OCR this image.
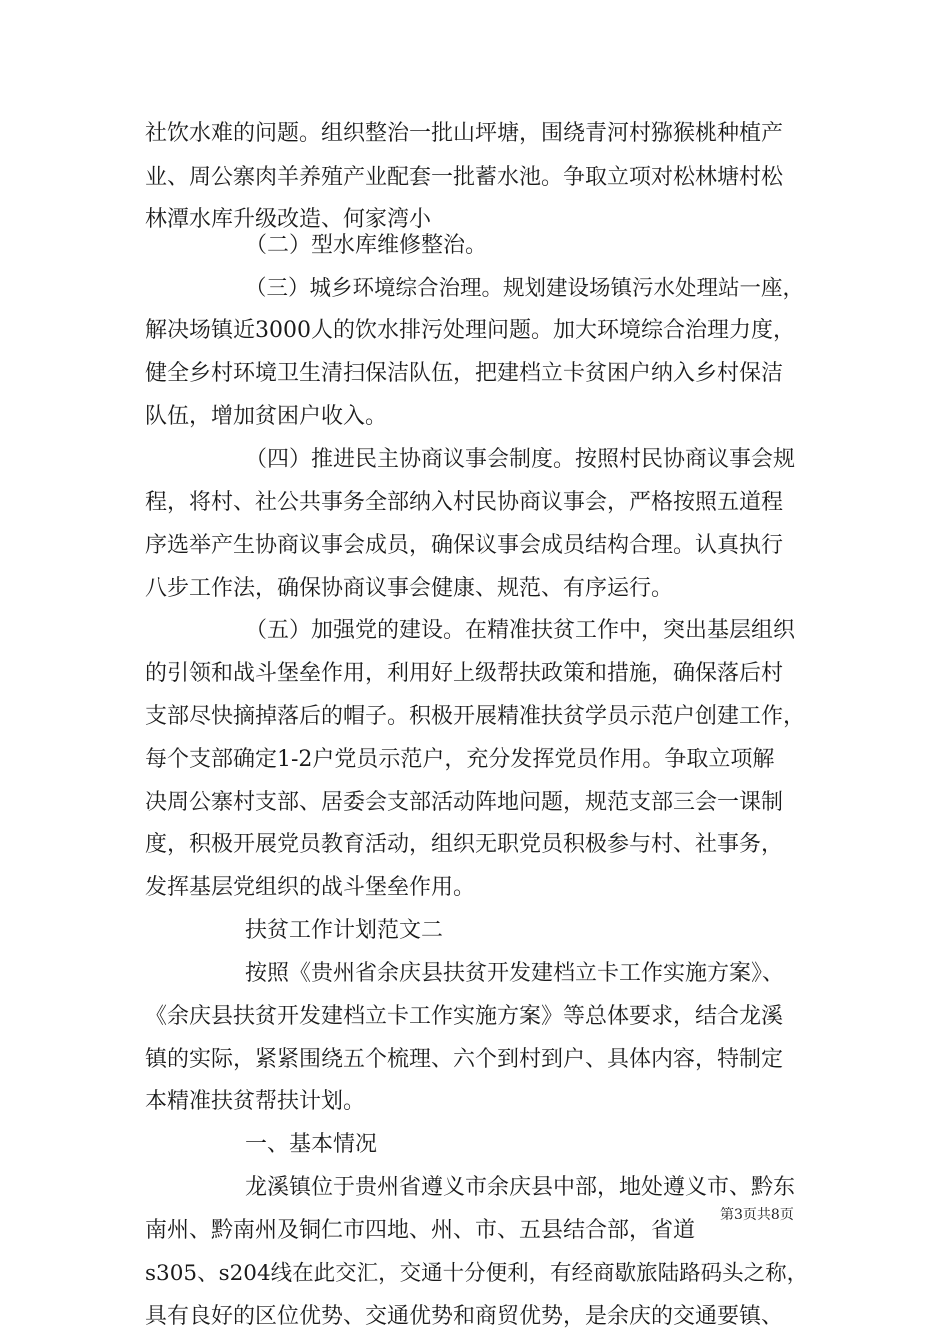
社饮水难的问题。组织整治一批山坪塘，围绕青河村猕猴桃种植产
业、周公寨肉羊养殖产业配套一批蓄水池。争取立项对松林塘村松
林潭水库升级改造、何家湾小
（二）型水库维修整治。
（三）城乡环境综合治理。规划建设场镇污水处理站一座，
解决场镇近3000人的饮水排污处理问题。加大环境综合治理力度，
健全乡村环境卫生清扫保洁队伍，把建档立卡贫困户纳入乡村保洁
队伍，增加贫困户收入。
（四）推进民主协商议事会制度。按照村民协商议事会规
程，将村、社公共事务全部纳入村民协商议事会，严格按照五道程
序选举产生协商议事会成员，确保议事会成员结构合理。认真执行
八步工作法，确保协商议事会健康、规范、有序运行。
（五）加强党的建设。在精准扶贫工作中，突出基层组织
的引领和战斗堡垒作用，利用好上级帮扶政策和措施，确保落后村
支部尽快摘掉落后的帽子。积极开展精准扶贫学员示范户创建工作，
每个支部确定1-2户党员示范户，充分发挥党员作用。争取立项解
决周公寨村支部、居委会支部活动阵地问题，规范支部三会一课制
度，积极开展党员教育活动，组织无职党员积极参与村、社事务，
发挥基层党组织的战斗堡垒作用。
扶贫工作计划范文二
按照《贵州省余庆县扶贫开发建档立卡工作实施方案》、
《余庆县扶贫开发建档立卡工作实施方案》等总体要求，结合龙溪
镇的实际，紧紧围绕五个梳理、六个到村到户、具体内容，特制定
本精准扶贫帮扶计划。
一、基本情况
龙溪镇位于贵州省遵义市余庆县中部，地处遵义市、黔东
南州、黔南州及铜仁市四地、州、市、五县结合部，省道
s305、s204线在此交汇，交通十分便利，有经商歇旅陆路码头之称，
具有良好的区位优势、交通优势和商贸优势，是余庆的交通要镇、
第3页共8页
